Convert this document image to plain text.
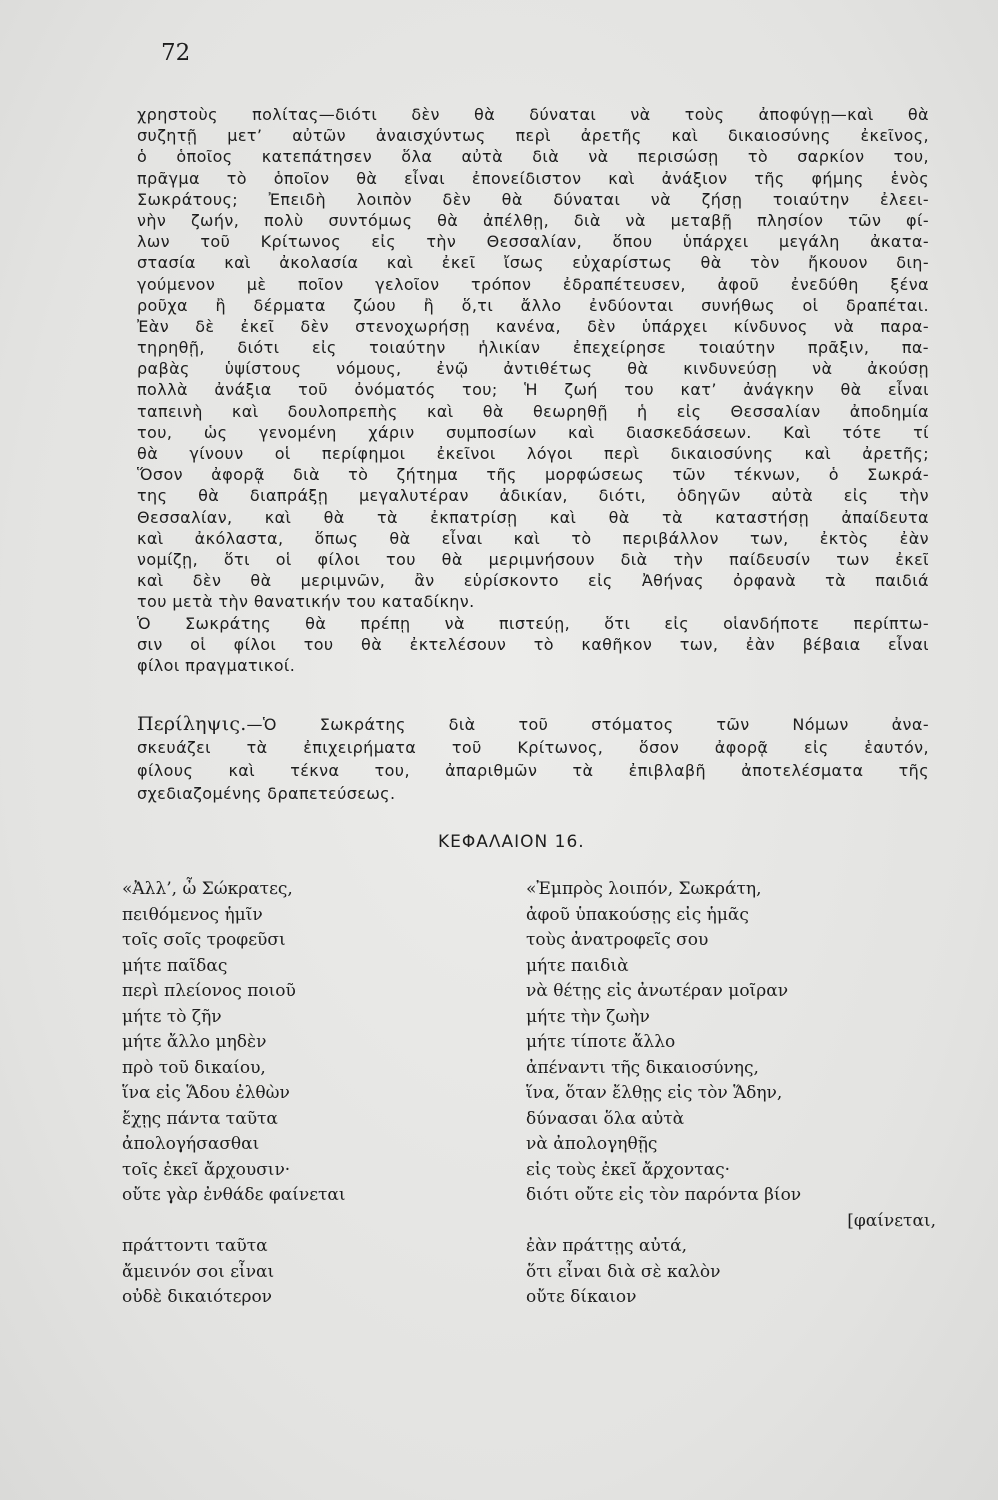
72
χρηστοὺς πολίτας—διότι δὲν θὰ δύναται νὰ τοὺς ἀποφύγῃ—καὶ θὰ
συζητῇ μετ’ αὐτῶν ἀναισχύντως περὶ ἀρετῆς καὶ δικαιοσύνης ἐκεῖνος,
ὁ ὁποῖος κατεπάτησεν ὅλα αὐτὰ διὰ νὰ περισώσῃ τὸ σαρκίον του,
πρᾶγμα τὸ ὁποῖον θὰ εἶναι ἐπονείδιστον καὶ ἀνάξιον τῆς φήμης ἑνὸς
Σωκράτους; Ἐπειδὴ λοιπὸν δὲν θὰ δύναται νὰ ζήσῃ τοιαύτην ἐλεει-
νὴν ζωήν, πολὺ συντόμως θὰ ἀπέλθῃ, διὰ νὰ μεταβῇ πλησίον τῶν φί-
λων τοῦ Κρίτωνος εἰς τὴν Θεσσαλίαν, ὅπου ὑπάρχει μεγάλη ἀκατα-
στασία καὶ ἀκολασία καὶ ἐκεῖ ἴσως εὐχαρίστως θὰ τὸν ἤκουον διη-
γούμενον μὲ ποῖον γελοῖον τρόπον ἐδραπέτευσεν, ἀφοῦ ἐνεδύθη ξένα
ροῦχα ἢ δέρματα ζώου ἢ ὅ,τι ἄλλο ἐνδύονται συνήθως οἱ δραπέται.
Ἐὰν δὲ ἐκεῖ δὲν στενοχωρήσῃ κανένα, δὲν ὑπάρχει κίνδυνος νὰ παρα-
τηρηθῇ, διότι εἰς τοιαύτην ἡλικίαν ἐπεχείρησε τοιαύτην πρᾶξιν, πα-
ραβὰς ὑψίστους νόμους, ἐνῷ ἀντιθέτως θὰ κινδυνεύσῃ νὰ ἀκούσῃ
πολλὰ ἀνάξια τοῦ ὀνόματός του; Ἡ ζωή του κατ’ ἀνάγκην θὰ εἶναι
ταπεινὴ καὶ δουλοπρεπὴς καὶ θὰ θεωρηθῇ ἡ εἰς Θεσσαλίαν ἀποδημία
του, ὡς γενομένη χάριν συμποσίων καὶ διασκεδάσεων. Καὶ τότε τί
θὰ γίνουν οἱ περίφημοι ἐκεῖνοι λόγοι περὶ δικαιοσύνης καὶ ἀρετῆς;
Ὅσον ἀφορᾷ διὰ τὸ ζήτημα τῆς μορφώσεως τῶν τέκνων, ὁ Σωκρά-
της θὰ διαπράξῃ μεγαλυτέραν ἀδικίαν, διότι, ὁδηγῶν αὐτὰ εἰς τὴν
Θεσσαλίαν, καὶ θὰ τὰ ἐκπατρίσῃ καὶ θὰ τὰ καταστήσῃ ἀπαίδευτα
καὶ ἀκόλαστα, ὅπως θὰ εἶναι καὶ τὸ περιβάλλον των, ἐκτὸς ἐὰν
νομίζῃ, ὅτι οἱ φίλοι του θὰ μεριμνήσουν διὰ τὴν παίδευσίν των ἐκεῖ
καὶ δὲν θὰ μεριμνῶν, ἂν εὑρίσκοντο εἰς Ἀθήνας ὀρφανὰ τὰ παιδιά
του μετὰ τὴν θανατικήν του καταδίκην.
Ὁ Σωκράτης θὰ πρέπῃ νὰ πιστεύῃ, ὅτι εἰς οἱανδήποτε περίπτω-
σιν οἱ φίλοι του θὰ ἐκτελέσουν τὸ καθῆκον των, ἐὰν βέβαια εἶναι
φίλοι πραγματικοί.
Περίληψις.—Ὁ Σωκράτης διὰ τοῦ στόματος τῶν Νόμων ἀνα-
σκευάζει τὰ ἐπιχειρήματα τοῦ Κρίτωνος, ὅσον ἀφορᾷ εἰς ἑαυτόν,
φίλους καὶ τέκνα του, ἀπαριθμῶν τὰ ἐπιβλαβῆ ἀποτελέσματα τῆς
σχεδιαζομένης δραπετεύσεως.
ΚΕΦΑΛΑΙΟΝ 16.
«Ἀλλ’, ὦ Σώκρατες,
πειθόμενος ἡμῖν
τοῖς σοῖς τροφεῦσι
μήτε παῖδας
περὶ πλείονος ποιοῦ
μήτε τὸ ζῆν
μήτε ἄλλο μηδὲν
πρὸ τοῦ δικαίου,
ἵνα εἰς Ἅδου ἐλθὼν
ἔχῃς πάντα ταῦτα
ἀπολογήσασθαι
τοῖς ἐκεῖ ἄρχουσιν·
οὔτε γὰρ ἐνθάδε φαίνεται
πράττοντι ταῦτα
ἄμεινόν σοι εἶναι
οὐδὲ δικαιότερον
«Ἐμπρὸς λοιπόν, Σωκράτη,
ἀφοῦ ὑπακούσῃς εἰς ἡμᾶς
τοὺς ἀνατροφεῖς σου
μήτε παιδιὰ
νὰ θέτῃς εἰς ἀνωτέραν μοῖραν
μήτε τὴν ζωὴν
μήτε τίποτε ἄλλο
ἀπέναντι τῆς δικαιοσύνης,
ἵνα, ὅταν ἔλθῃς εἰς τὸν Ἅδην,
δύνασαι ὅλα αὐτὰ
νὰ ἀπολογηθῇς
εἰς τοὺς ἐκεῖ ἄρχοντας·
διότι οὔτε εἰς τὸν παρόντα βίον
[φαίνεται,
ἐὰν πράττῃς αὐτά,
ὅτι εἶναι διὰ σὲ καλὸν
οὔτε δίκαιον
